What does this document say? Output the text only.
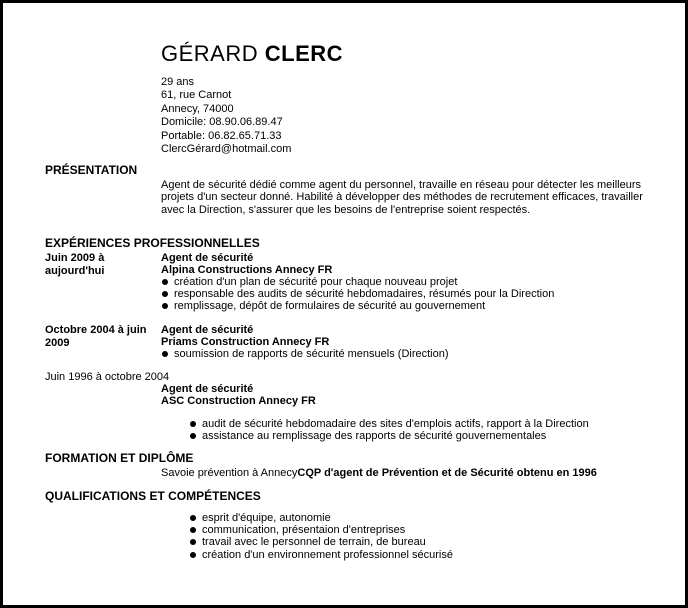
GÉRARD CLERC
29 ans
61, rue Carnot
Annecy, 74000
Domicile: 08.90.06.89.47
Portable: 06.82.65.71.33
ClercGérard@hotmail.com
PRÉSENTATION
Agent de sécurité dédié comme agent du personnel, travaille en réseau pour détecter les meilleurs projets d'un secteur donné. Habilité à développer des méthodes de recrutement efficaces, travailler avec la Direction, s'assurer que les besoins de l'entreprise soient respectés.
EXPÉRIENCES PROFESSIONNELLES
Juin 2009 à aujourd'hui
Agent de sécurité
Alpina Constructions Annecy FR
création d'un plan de sécurité pour chaque nouveau projet
responsable des audits de sécurité hebdomadaires, résumés pour la Direction
remplissage, dépôt de formulaires de sécurité au gouvernement
Octobre 2004 à juin 2009
Agent de sécurité
Priams Construction Annecy FR
soumission de rapports de sécurité mensuels (Direction)
Juin 1996 à octobre 2004
Agent de sécurité
ASC Construction Annecy FR
audit de sécurité hebdomadaire des sites d'emplois actifs, rapport à la Direction
assistance au remplissage des rapports de sécurité gouvernementales
FORMATION ET DIPLÔME
Savoie prévention à AnnecyCQP d'agent de Prévention et de Sécurité obtenu en 1996
QUALIFICATIONS ET COMPÉTENCES
esprit d'équipe, autonomie
communication, présentaion d'entreprises
travail avec le personnel de terrain, de bureau
création d'un environnement professionnel sécurisé
